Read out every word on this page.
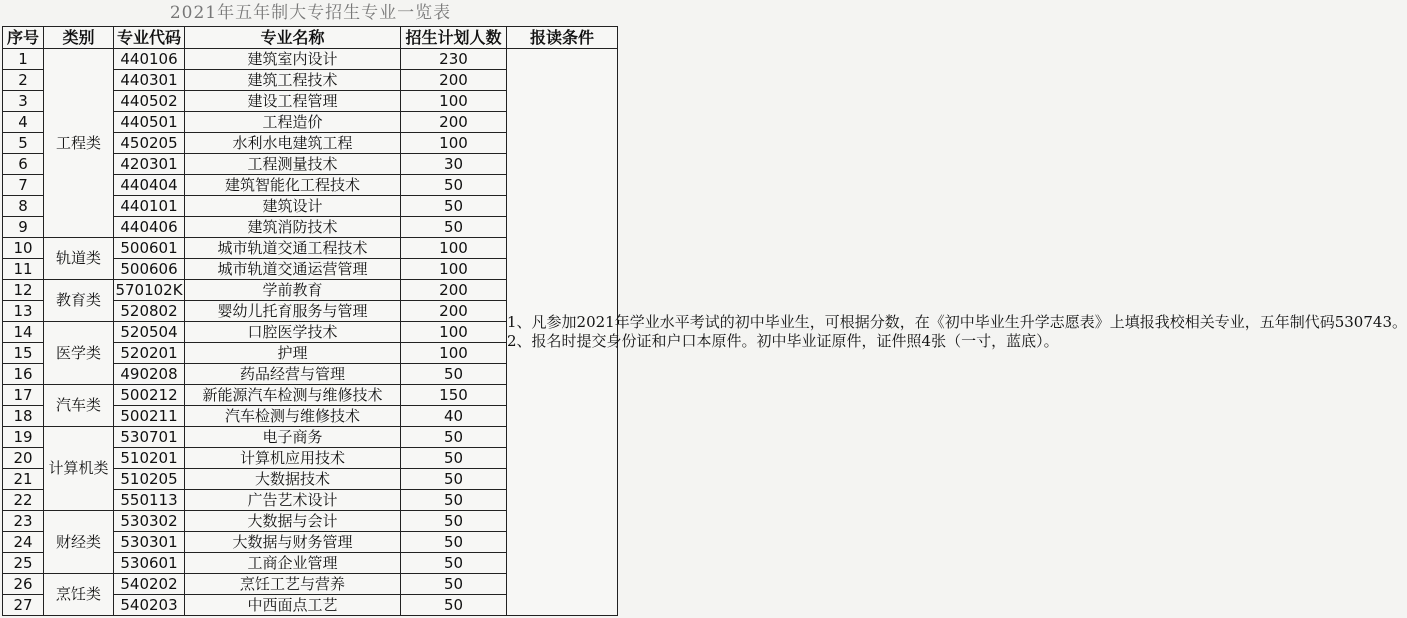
2021年五年制大专招生专业一览表
序号	类别	专业代码	专业名称	招生计划人数	报读条件
1	工程类	440106	建筑室内设计	230	1、凡参加2021年学业水平考试的初中毕业生，可根据分数，在《初中毕业生升学志愿表》上填报我校相关专业，五年制代码530743。
2、报名时提交身份证和户口本原件。初中毕业证原件，证件照4张（一寸，蓝底）。

2		440301	建筑工程技术	200	
3		440502	建设工程管理	100	
4		440501	工程造价	200	
5		450205	水利水电建筑工程	100	
6		420301	工程测量技术	30	
7		440404	建筑智能化工程技术	50	
8		440101	建筑设计	50	
9		440406	建筑消防技术	50	
10	轨道类	500601	城市轨道交通工程技术	100	
11		500606	城市轨道交通运营管理	100	
12	教育类	570102K	学前教育	200	
13		520802	婴幼儿托育服务与管理	200	
14	医学类	520504	口腔医学技术	100	
15		520201	护理	100	
16		490208	药品经营与管理	50	
17	汽车类	500212	新能源汽车检测与维修技术	150	
18		500211	汽车检测与维修技术	40	
19	计算机类	530701	电子商务	50	
20		510201	计算机应用技术	50	
21		510205	大数据技术	50	
22		550113	广告艺术设计	50	
23	财经类	530302	大数据与会计	50	
24		530301	大数据与财务管理	50	
25		530601	工商企业管理	50	
26	烹饪类	540202	烹饪工艺与营养	50	
27		540203	中西面点工艺	50	
